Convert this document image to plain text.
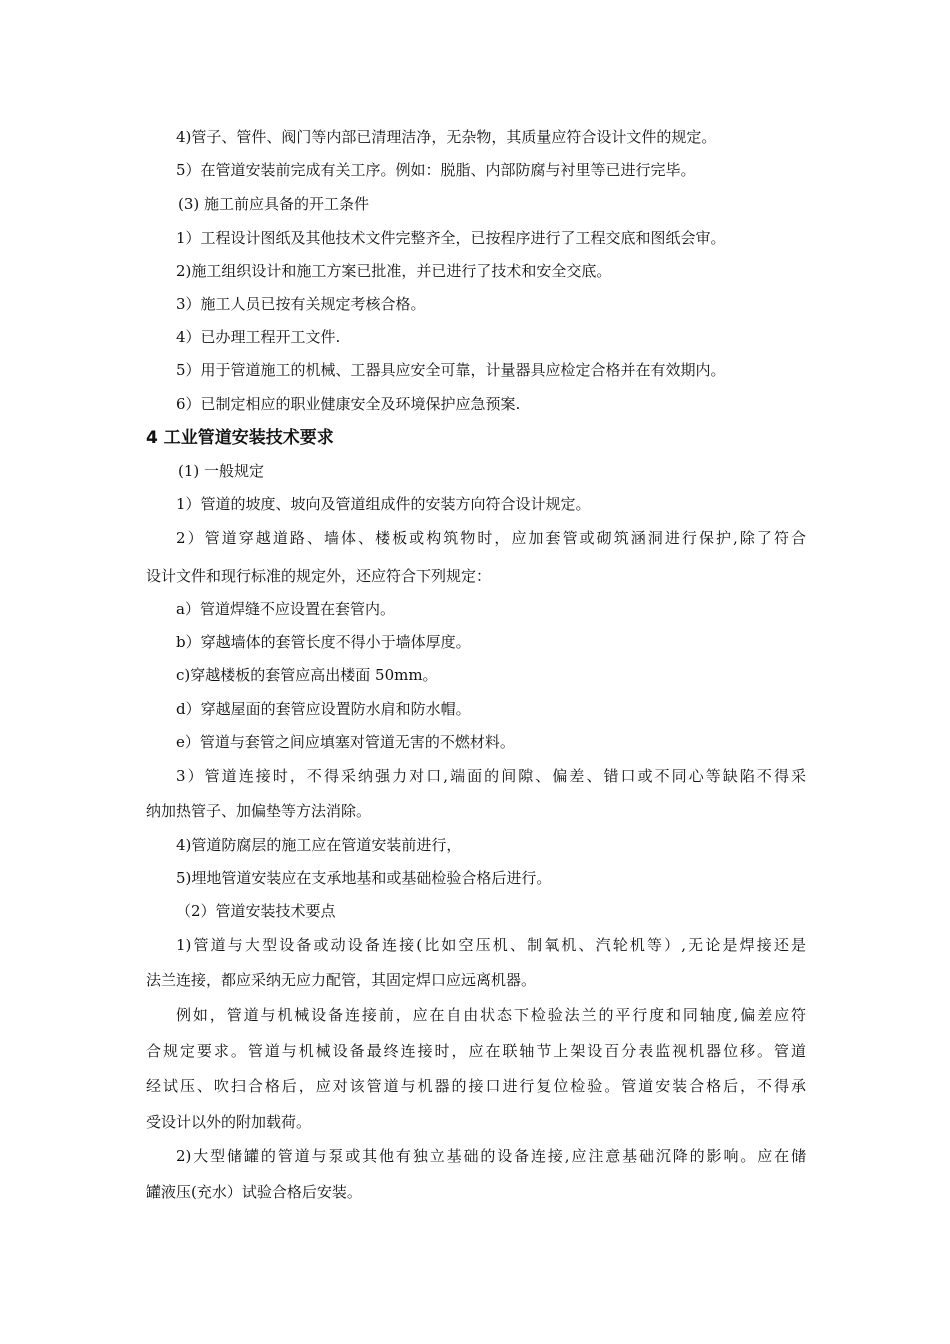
4)管子、管件、阀门等内部已清理洁净，无杂物，其质量应符合设计文件的规定。
5）在管道安装前完成有关工序。例如：脱脂、内部防腐与衬里等已进行完毕。
(3) 施工前应具备的开工条件
1）工程设计图纸及其他技术文件完整齐全，已按程序进行了工程交底和图纸会审。
2)施工组织设计和施工方案已批准，并已进行了技术和安全交底。
3）施工人员已按有关规定考核合格。
4）已办理工程开工文件.
5）用于管道施工的机械、工器具应安全可靠，计量器具应检定合格并在有效期内。
6）已制定相应的职业健康安全及环境保护应急预案.
4 工业管道安装技术要求
(1) 一般规定
1）管道的坡度、坡向及管道组成件的安装方向符合设计规定。
2）管道穿越道路、墙体、楼板或构筑物时，应加套管或砌筑涵洞进行保护,除了符合
设计文件和现行标准的规定外，还应符合下列规定：
a）管道焊缝不应设置在套管内。
b）穿越墙体的套管长度不得小于墙体厚度。
c)穿越楼板的套管应高出楼面 50mm。
d）穿越屋面的套管应设置防水肩和防水帽。
e）管道与套管之间应填塞对管道无害的不燃材料。
3）管道连接时，不得采纳强力对口,端面的间隙、偏差、错口或不同心等缺陷不得采
纳加热管子、加偏垫等方法消除。
4)管道防腐层的施工应在管道安装前进行，
5)埋地管道安装应在支承地基和或基础检验合格后进行。
（2）管道安装技术要点
1)管道与大型设备或动设备连接(比如空压机、制氧机、汽轮机等）,无论是焊接还是
法兰连接，都应采纳无应力配管，其固定焊口应远离机器。
例如，管道与机械设备连接前，应在自由状态下检验法兰的平行度和同轴度,偏差应符
合规定要求。管道与机械设备最终连接时，应在联轴节上架设百分表监视机器位移。管道
经试压、吹扫合格后，应对该管道与机器的接口进行复位检验。管道安装合格后，不得承
受设计以外的附加载荷。
2)大型储罐的管道与泵或其他有独立基础的设备连接,应注意基础沉降的影响。应在储
罐液压(充水）试验合格后安装。
